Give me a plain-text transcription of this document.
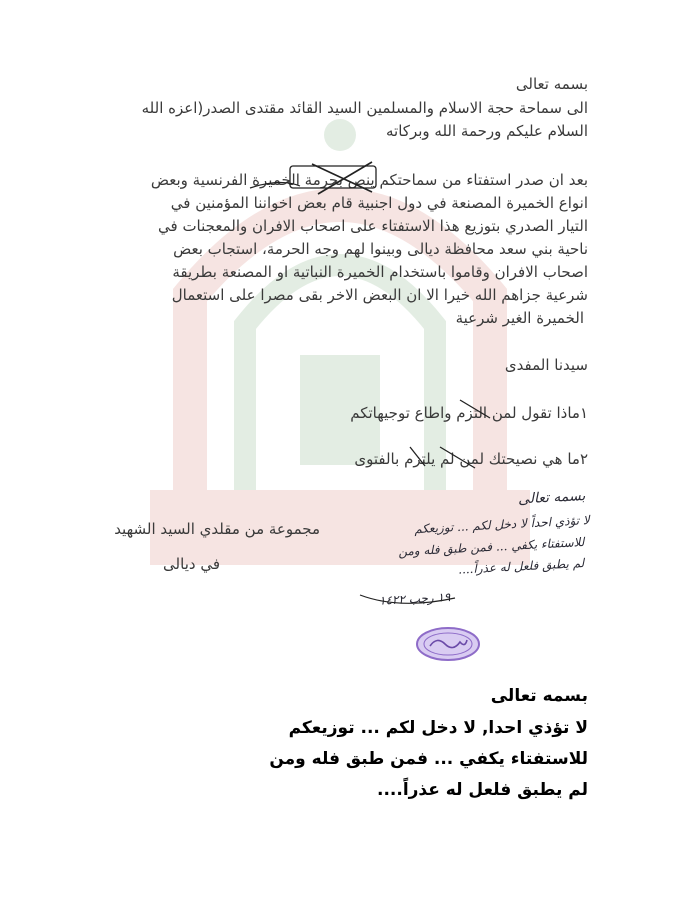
بسمه تعالى
الى سماحة حجة الاسلام والمسلمين السيد القائد مقتدى الصدر(اعزه الله
السلام عليكم ورحمة الله وبركاته
بعد ان صدر استفتاء من سماحتكم ينص بحرمة الخميرة الفرنسية وبعض
انواع الخميرة المصنعة في دول اجنبية قام بعض اخواننا المؤمنين في
التيار الصدري بتوزيع هذا الاستفتاء على اصحاب الافران والمعجنات في
ناحية بني سعد محافظة ديالى وبينوا لهم وجه الحرمة، استجاب بعض
اصحاب الافران وقاموا باستخدام الخميرة النباتية او المصنعة بطريقة
شرعية جزاهم الله خيرا الا ان البعض الاخر بقى مصرا على استعمال
الخميرة الغير شرعية
سيدنا المفدى
١ماذا تقول لمن التزم واطاع توجيهاتكم
٢ما هي نصيحتك لمن لم يلتزم بالفتوى
مجموعة من مقلدي السيد الشهيد
في ديالى
بسمه تعالى
لا تؤذي احداً لا دخل لكم ... توزيعكم
للاستفتاء يكفي ... فمن طبق فله ومن
لم يطبق فلعل له عذراً....
١٩ رجب ١٤٢٢
بسمه تعالى
لا تؤذي احدا, لا دخل لكم ... توزيعكم
للاستفتاء يكفي ... فمن طبق فله ومن
لم يطبق فلعل له عذراً....
